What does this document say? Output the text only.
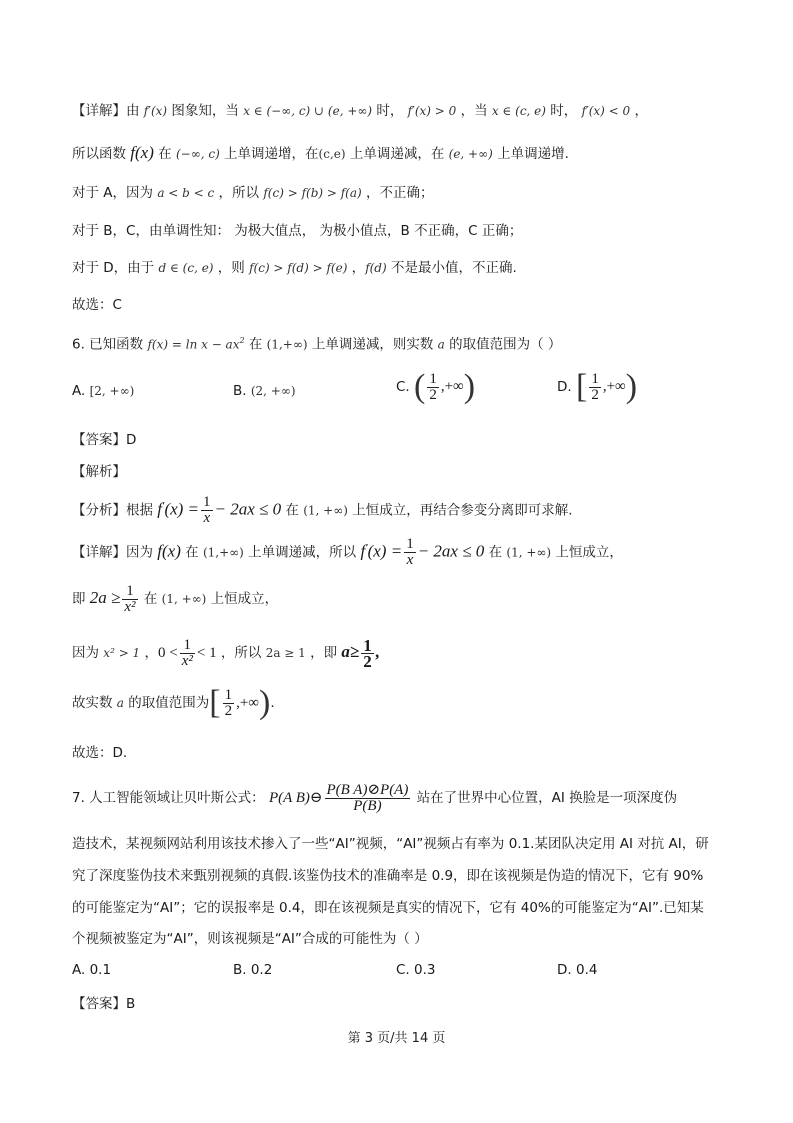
【详解】由 f′(x) 图象知，当 x ∈ (−∞, c) ∪ (e, +∞) 时， f′(x) > 0 ，当 x ∈ (c, e) 时， f′(x) < 0 ，
所以函数 f(x) 在 (−∞, c) 上单调递增，在(c,e) 上单调递减，在 (e, +∞) 上单调递增.
对于 A，因为 a < b < c ，所以 f(c) > f(b) > f(a) ，不正确；
对于 B，C，由单调性知： 为极大值点， 为极小值点，B 不正确，C 正确；
对于 D，由于 d ∈ (c, e) ，则 f(c) > f(d) > f(e) ，f(d) 不是最小值，不正确.
故选：C
6. 已知函数 $f(x) = \ln x - ax^2$ 在 (1,+∞) 上单调递减，则实数 a 的取值范围为（ ）
A. [2, +∞)	B. (2, +∞)	C. ( $\frac{1}{2}$ ,+∞)	D. [ $\frac{1}{2}$ ,+∞)
【答案】D
【解析】
【分析】根据 $f'(x) = \frac{1}{x} - 2ax \le 0$ 在 (1, +∞) 上恒成立，再结合参变分离即可求解.
【详解】因为 f(x) 在 (1,+∞) 上单调递减，所以 $f'(x) = \frac{1}{x} - 2ax \le 0$ 在 (1, +∞) 上恒成立，
即 $2a \ge \frac{1}{\text{x²}}$ 在 (1, +∞) 上恒成立，
因为 x² > 1 ，$0 < \frac{1}{\text{x²}} < 1$ ，所以 2a ≥ 1 ，即 $a\ge \frac{1}{2}$ ,
故实数 a 的取值范围为[ $\frac{1}{2}$ ,+∞).
故选：D.
7. 人工智能领域让贝叶斯公式： P(A B)⊖ $\frac{\text{P(B A)⊘P(A)}}{P(B)}$ 站在了世界中心位置，AI 换脸是一项深度伪
造技术，某视频网站利用该技术掺入了一些“AI”视频，“AI”视频占有率为 0.1.某团队决定用 AI 对抗 AI，研
究了深度鉴伪技术来甄别视频的真假.该鉴伪技术的准确率是 0.9，即在该视频是伪造的情况下，它有 90%
的可能鉴定为“AI”；它的误报率是 0.4，即在该视频是真实的情况下，它有 40%的可能鉴定为“AI”.已知某
个视频被鉴定为“AI”，则该视频是“AI”合成的可能性为（ ）
A. 0.1	B. 0.2	C. 0.3	D. 0.4
【答案】B
第 3 页/共 14 页
